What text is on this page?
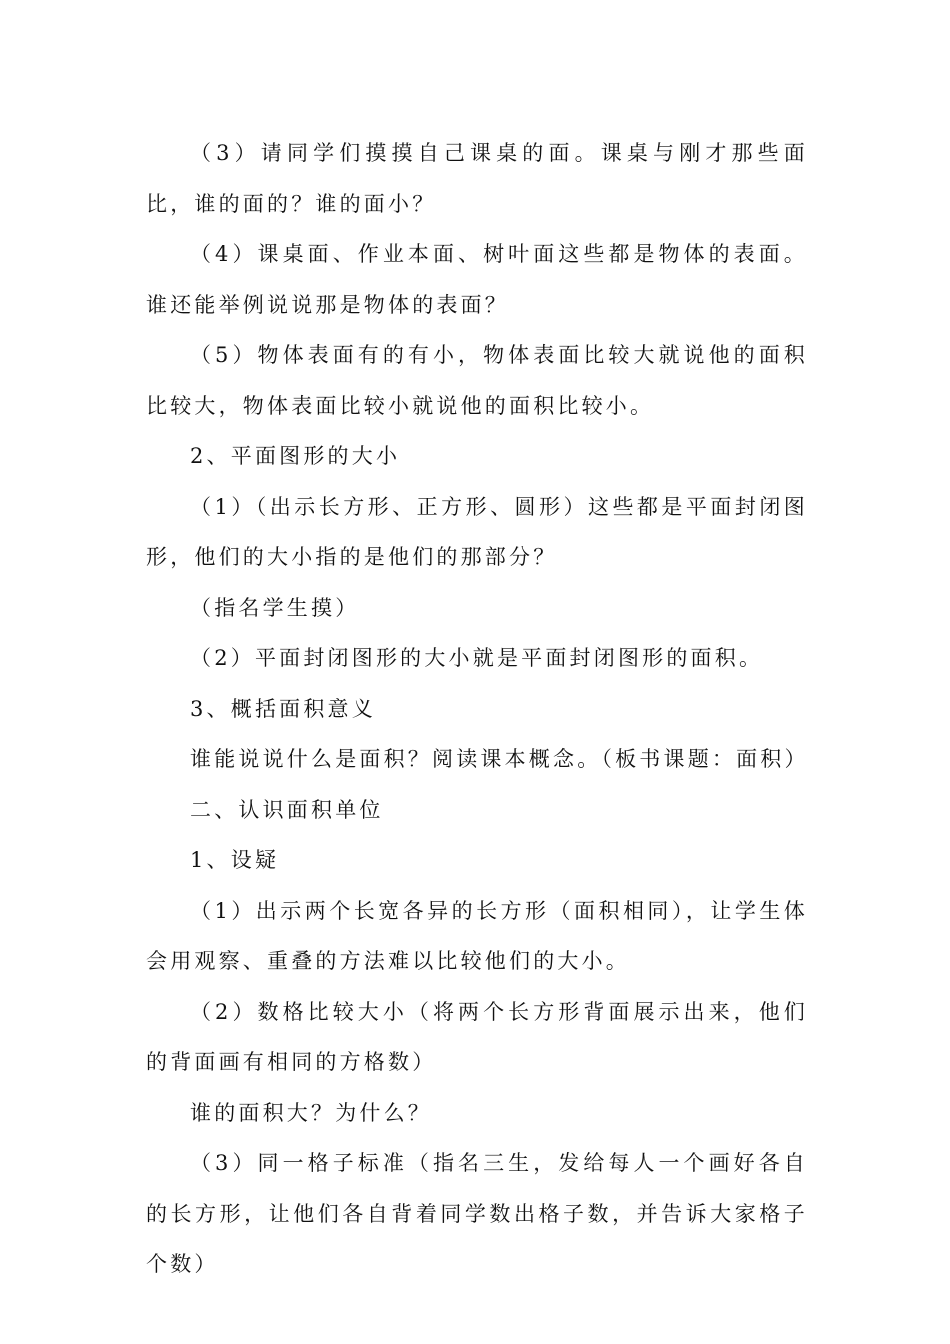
（3）请同学们摸摸自己课桌的面。课桌与刚才那些面比，谁的面的？谁的面小？

（4）课桌面、作业本面、树叶面这些都是物体的表面。谁还能举例说说那是物体的表面？

（5）物体表面有的有小，物体表面比较大就说他的面积比较大，物体表面比较小就说他的面积比较小。

2、平面图形的大小

（1）（出示长方形、正方形、圆形）这些都是平面封闭图形，他们的大小指的是他们的那部分？

（指名学生摸）

（2）平面封闭图形的大小就是平面封闭图形的面积。

3、概括面积意义

谁能说说什么是面积？阅读课本概念。（板书课题：面积）

二、认识面积单位

1、设疑

（1）出示两个长宽各异的长方形（面积相同），让学生体会用观察、重叠的方法难以比较他们的大小。

（2）数格比较大小（将两个长方形背面展示出来，他们的背面画有相同的方格数）

谁的面积大？为什么？

（3）同一格子标准（指名三生，发给每人一个画好各自的长方形，让他们各自背着同学数出格子数，并告诉大家格子个数）
